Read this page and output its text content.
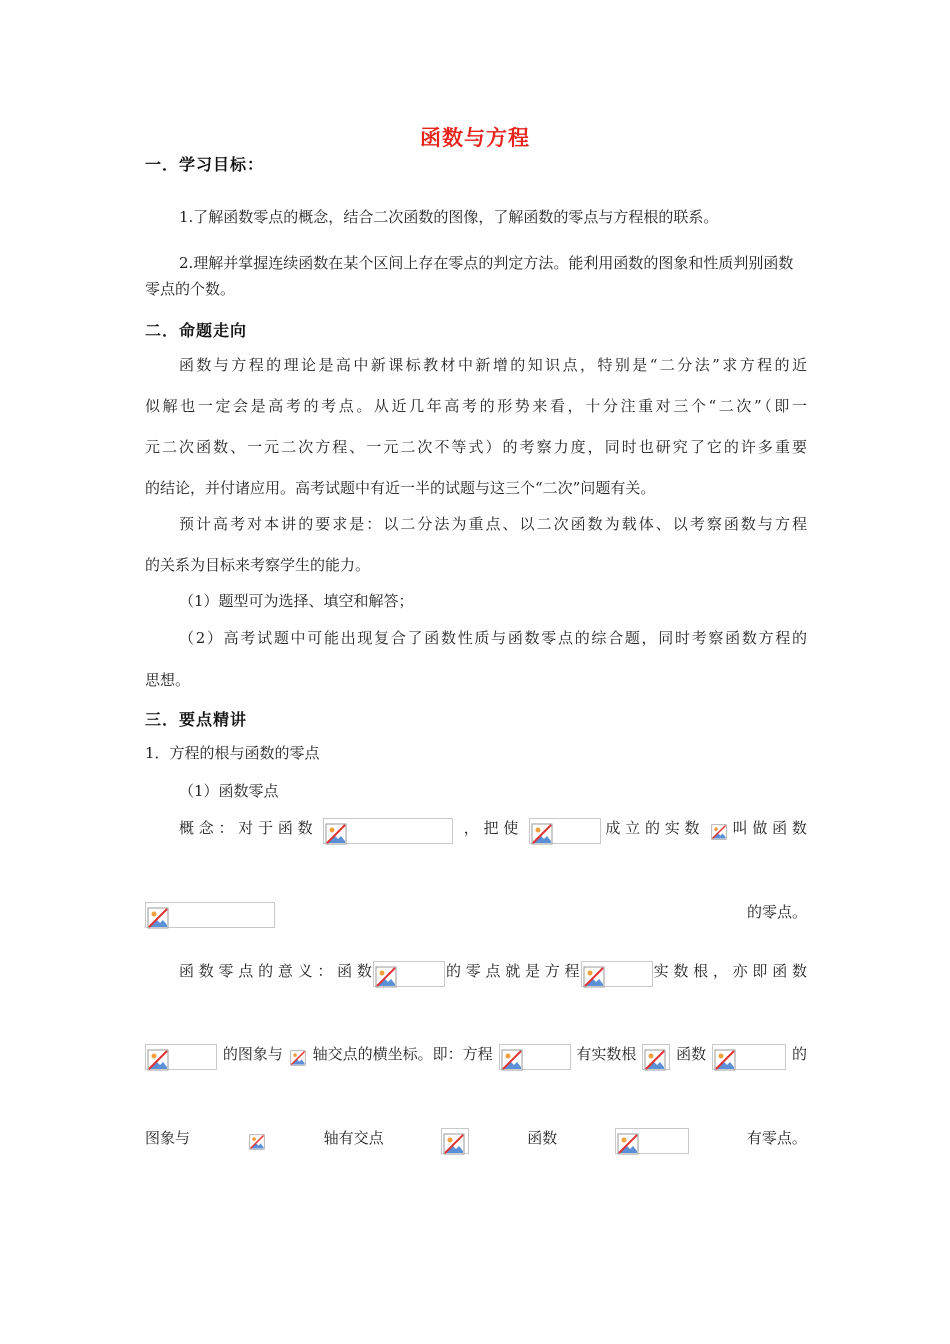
函数与方程
一．学习目标：
1.了解函数零点的概念，结合二次函数的图像，了解函数的零点与方程根的联系。
2.理解并掌握连续函数在某个区间上存在零点的判定方法。能利用函数的图象和性质判别函数零点的个数。
二．命题走向
函数与方程的理论是高中新课标教材中新增的知识点，特别是“二分法”求方程的近
似解也一定会是高考的考点。从近几年高考的形势来看，十分注重对三个“二次”（即一
元二次函数、一元二次方程、一元二次不等式）的考察力度，同时也研究了它的许多重要
的结论，并付诸应用。高考试题中有近一半的试题与这三个“二次”问题有关。
预计高考对本讲的要求是：以二分法为重点、以二次函数为载体、以考察函数与方程
的关系为目标来考察学生的能力。
（1）题型可为选择、填空和解答；
（2）高考试题中可能出现复合了函数性质与函数零点的综合题，同时考察函数方程的
思想。
三．要点精讲
1．方程的根与函数的零点
（1）函数零点
概 念 ： 对 于 函 数	， 把 使	成 立 的 实 数 叫 做 函 数
的零点。
函 数 零 点 的 意 义 ： 函 数	的 零 点 就 是 方 程	实 数 根 ， 亦 即 函 数
的图象与 轴交点的横坐标。即：方程	有实数根	函数	的
图象与	轴有交点	函数	有零点。
